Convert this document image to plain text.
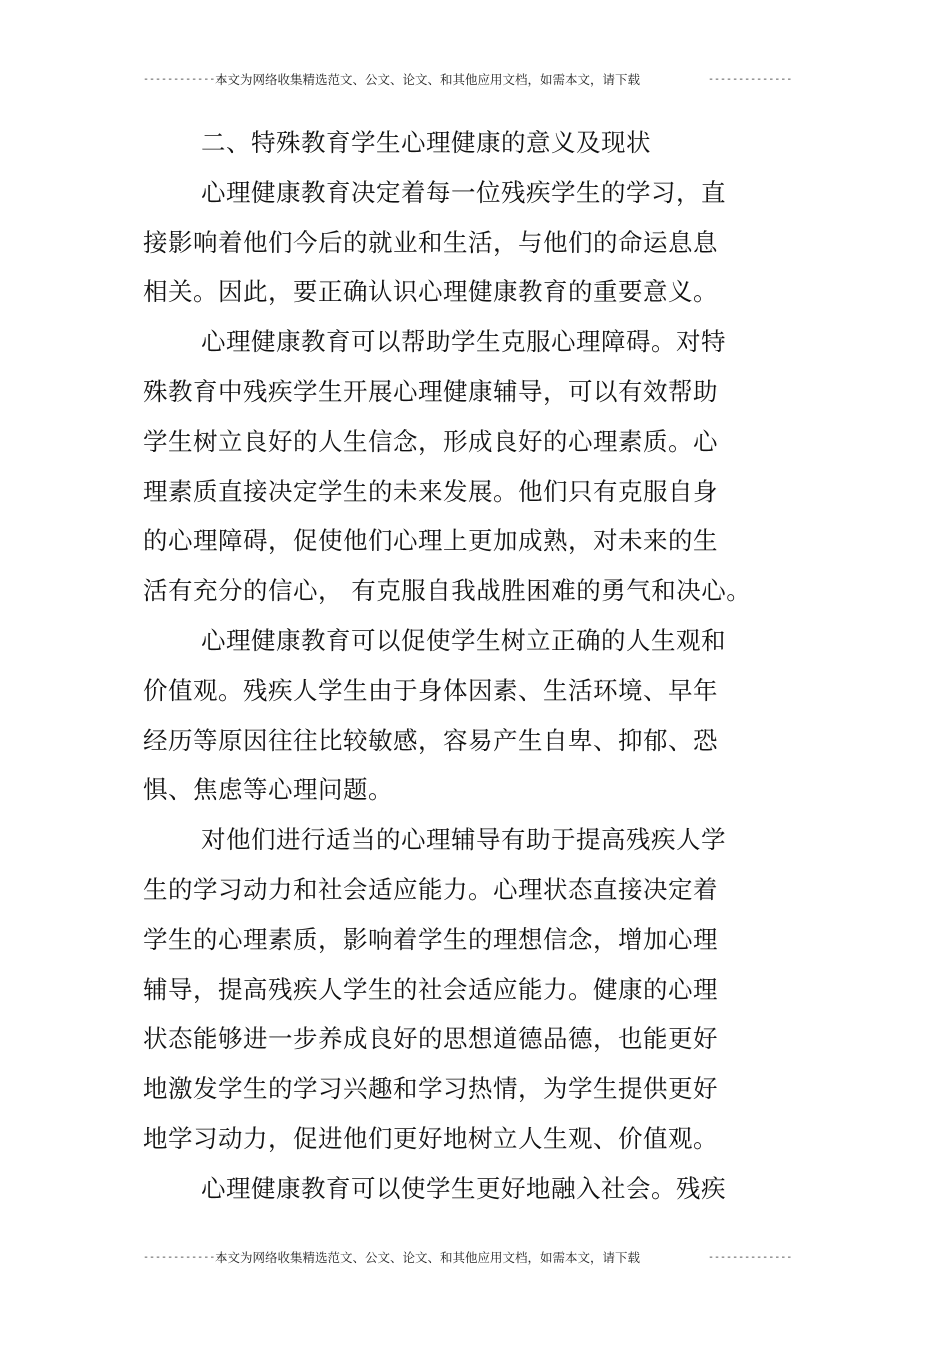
---------------
本文为网络收集精选范文、公文、论文、和其他应用文档，如需本文，请下载	--------------

二、特殊教育学生心理健康的意义及现状

心理健康教育决定着每一位残疾学生的学习，直
接影响着他们今后的就业和生活，与他们的命运息息
相关。因此，要正确认识心理健康教育的重要意义。

心理健康教育可以帮助学生克服心理障碍。对特
殊教育中残疾学生开展心理健康辅导，可以有效帮助
学生树立良好的人生信念，形成良好的心理素质。心
理素质直接决定学生的未来发展。他们只有克服自身
的心理障碍，促使他们心理上更加成熟，对未来的生
活有充分的信心， 有克服自我战胜困难的勇气和决心。

心理健康教育可以促使学生树立正确的人生观和
价值观。残疾人学生由于身体因素、生活环境、早年
经历等原因往往比较敏感，容易产生自卑、抑郁、恐
惧、焦虑等心理问题。

对他们进行适当的心理辅导有助于提高残疾人学
生的学习动力和社会适应能力。心理状态直接决定着
学生的心理素质，影响着学生的理想信念，增加心理
辅导，提高残疾人学生的社会适应能力。健康的心理
状态能够进一步养成良好的思想道德品德，也能更好
地激发学生的学习兴趣和学习热情，为学生提供更好
地学习动力，促进他们更好地树立人生观、价值观。

心理健康教育可以使学生更好地融入社会。残疾

---------------
本文为网络收集精选范文、公文、论文、和其他应用文档，如需本文，请下载	--------------
